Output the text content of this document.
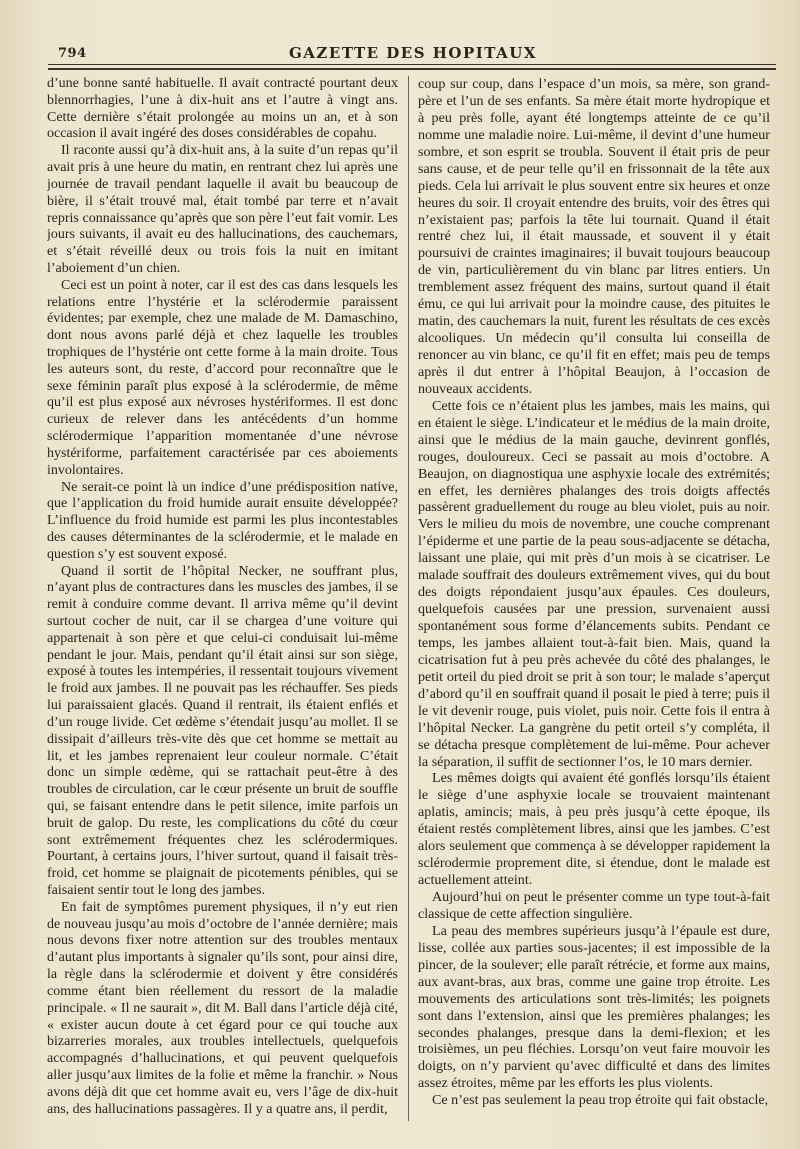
794	GAZETTE DES HOPITAUX

d’une bonne santé habituelle. Il avait contracté pourtant deux blennorrhagies, l’une à dix-huit ans et l’autre à vingt ans. Cette dernière s’était prolongée au moins un an, et à son occasion il avait ingéré des doses considérables de copahu.

Il raconte aussi qu’à dix-huit ans, à la suite d’un repas qu’il avait pris à une heure du matin, en rentrant chez lui après une journée de travail pendant laquelle il avait bu beaucoup de bière, il s’était trouvé mal, était tombé par terre et n’avait repris connaissance qu’après que son père l’eut fait vomir. Les jours suivants, il avait eu des hallucinations, des cauchemars, et s’était réveillé deux ou trois fois la nuit en imitant l’aboiement d’un chien.

Ceci est un point à noter, car il est des cas dans lesquels les relations entre l’hystérie et la sclérodermie paraissent évidentes; par exemple, chez une malade de M. Damaschino, dont nous avons parlé déjà et chez laquelle les troubles trophiques de l’hystérie ont cette forme à la main droite. Tous les auteurs sont, du reste, d’accord pour reconnaître que le sexe féminin paraît plus exposé à la sclérodermie, de même qu’il est plus exposé aux névroses hystériformes. Il est donc curieux de relever dans les antécédents d’un homme sclérodermique l’apparition momentanée d’une névrose hystériforme, parfaitement caractérisée par ces aboiements involontaires.

Ne serait-ce point là un indice d’une prédisposition native, que l’application du froid humide aurait ensuite développée? L’influence du froid humide est parmi les plus incontestables des causes déterminantes de la sclérodermie, et le malade en question s’y est souvent exposé.

Quand il sortit de l’hôpital Necker, ne souffrant plus, n’ayant plus de contractures dans les muscles des jambes, il se remit à conduire comme devant. Il arriva même qu’il devint surtout cocher de nuit, car il se chargea d’une voiture qui appartenait à son père et que celui-ci conduisait lui-même pendant le jour. Mais, pendant qu’il était ainsi sur son siège, exposé à toutes les intempéries, il ressentait toujours vivement le froid aux jambes. Il ne pouvait pas les réchauffer. Ses pieds lui paraissaient glacés. Quand il rentrait, ils étaient enflés et d’un rouge livide. Cet œdème s’étendait jusqu’au mollet. Il se dissipait d’ailleurs très-vite dès que cet homme se mettait au lit, et les jambes reprenaient leur couleur normale. C’était donc un simple œdème, qui se rattachait peut-être à des troubles de circulation, car le cœur présente un bruit de souffle qui, se faisant entendre dans le petit silence, imite parfois un bruit de galop. Du reste, les complications du côté du cœur sont extrêmement fréquentes chez les sclérodermiques. Pourtant, à certains jours, l’hiver surtout, quand il faisait très-froid, cet homme se plaignait de picotements pénibles, qui se faisaient sentir tout le long des jambes.

En fait de symptômes purement physiques, il n’y eut rien de nouveau jusqu’au mois d’octobre de l’année dernière; mais nous devons fixer notre attention sur des troubles mentaux d’autant plus importants à signaler qu’ils sont, pour ainsi dire, la règle dans la sclérodermie et doivent y être considérés comme étant bien réellement du ressort de la maladie principale. « Il ne saurait », dit M. Ball dans l’article déjà cité, « exister aucun doute à cet égard pour ce qui touche aux bizarreries morales, aux troubles intellectuels, quelquefois accompagnés d’hallucinations, et qui peuvent quelquefois aller jusqu’aux limites de la folie et même la franchir. » Nous avons déjà dit que cet homme avait eu, vers l’âge de dix-huit ans, des hallucinations passagères. Il y a quatre ans, il perdit,

coup sur coup, dans l’espace d’un mois, sa mère, son grand-père et l’un de ses enfants. Sa mère était morte hydropique et à peu près folle, ayant été longtemps atteinte de ce qu’il nomme une maladie noire. Lui-même, il devint d’une humeur sombre, et son esprit se troubla. Souvent il était pris de peur sans cause, et de peur telle qu’il en frissonnait de la tête aux pieds. Cela lui arrivait le plus souvent entre six heures et onze heures du soir. Il croyait entendre des bruits, voir des êtres qui n’existaient pas; parfois la tête lui tournait. Quand il était rentré chez lui, il était maussade, et souvent il y était poursuivi de craintes imaginaires; il buvait toujours beaucoup de vin, particulièrement du vin blanc par litres entiers. Un tremblement assez fréquent des mains, surtout quand il était ému, ce qui lui arrivait pour la moindre cause, des pituites le matin, des cauchemars la nuit, furent les résultats de ces excès alcooliques. Un médecin qu’il consulta lui conseilla de renoncer au vin blanc, ce qu’il fit en effet; mais peu de temps après il dut entrer à l’hôpital Beaujon, à l’occasion de nouveaux accidents.

Cette fois ce n’étaient plus les jambes, mais les mains, qui en étaient le siège. L’indicateur et le médius de la main droite, ainsi que le médius de la main gauche, devinrent gonflés, rouges, douloureux. Ceci se passait au mois d’octobre. A Beaujon, on diagnostiqua une asphyxie locale des extrémités; en effet, les dernières phalanges des trois doigts affectés passèrent graduellement du rouge au bleu violet, puis au noir. Vers le milieu du mois de novembre, une couche comprenant l’épiderme et une partie de la peau sous-adjacente se détacha, laissant une plaie, qui mit près d’un mois à se cicatriser. Le malade souffrait des douleurs extrêmement vives, qui du bout des doigts répondaient jusqu’aux épaules. Ces douleurs, quelquefois causées par une pression, survenaient aussi spontanément sous forme d’élancements subits. Pendant ce temps, les jambes allaient tout-à-fait bien. Mais, quand la cicatrisation fut à peu près achevée du côté des phalanges, le petit orteil du pied droit se prit à son tour; le malade s’aperçut d’abord qu’il en souffrait quand il posait le pied à terre; puis il le vit devenir rouge, puis violet, puis noir. Cette fois il entra à l’hôpital Necker. La gangrène du petit orteil s’y compléta, il se détacha presque complètement de lui-même. Pour achever la séparation, il suffit de sectionner l’os, le 10 mars dernier.

Les mêmes doigts qui avaient été gonflés lorsqu’ils étaient le siège d’une asphyxie locale se trouvaient maintenant aplatis, amincis; mais, à peu près jusqu’à cette époque, ils étaient restés complètement libres, ainsi que les jambes. C’est alors seulement que commença à se développer rapidement la sclérodermie proprement dite, si étendue, dont le malade est actuellement atteint.

Aujourd’hui on peut le présenter comme un type tout-à-fait classique de cette affection singulière.

La peau des membres supérieurs jusqu’à l’épaule est dure, lisse, collée aux parties sous-jacentes; il est impossible de la pincer, de la soulever; elle paraît rétrécie, et forme aux mains, aux avant-bras, aux bras, comme une gaine trop étroite. Les mouvements des articulations sont très-limités; les poignets sont dans l’extension, ainsi que les premières phalanges; les secondes phalanges, presque dans la demi-flexion; et les troisièmes, un peu fléchies. Lorsqu’on veut faire mouvoir les doigts, on n’y parvient qu’avec difficulté et dans des limites assez étroites, même par les efforts les plus violents.

Ce n’est pas seulement la peau trop étroite qui fait obstacle,
